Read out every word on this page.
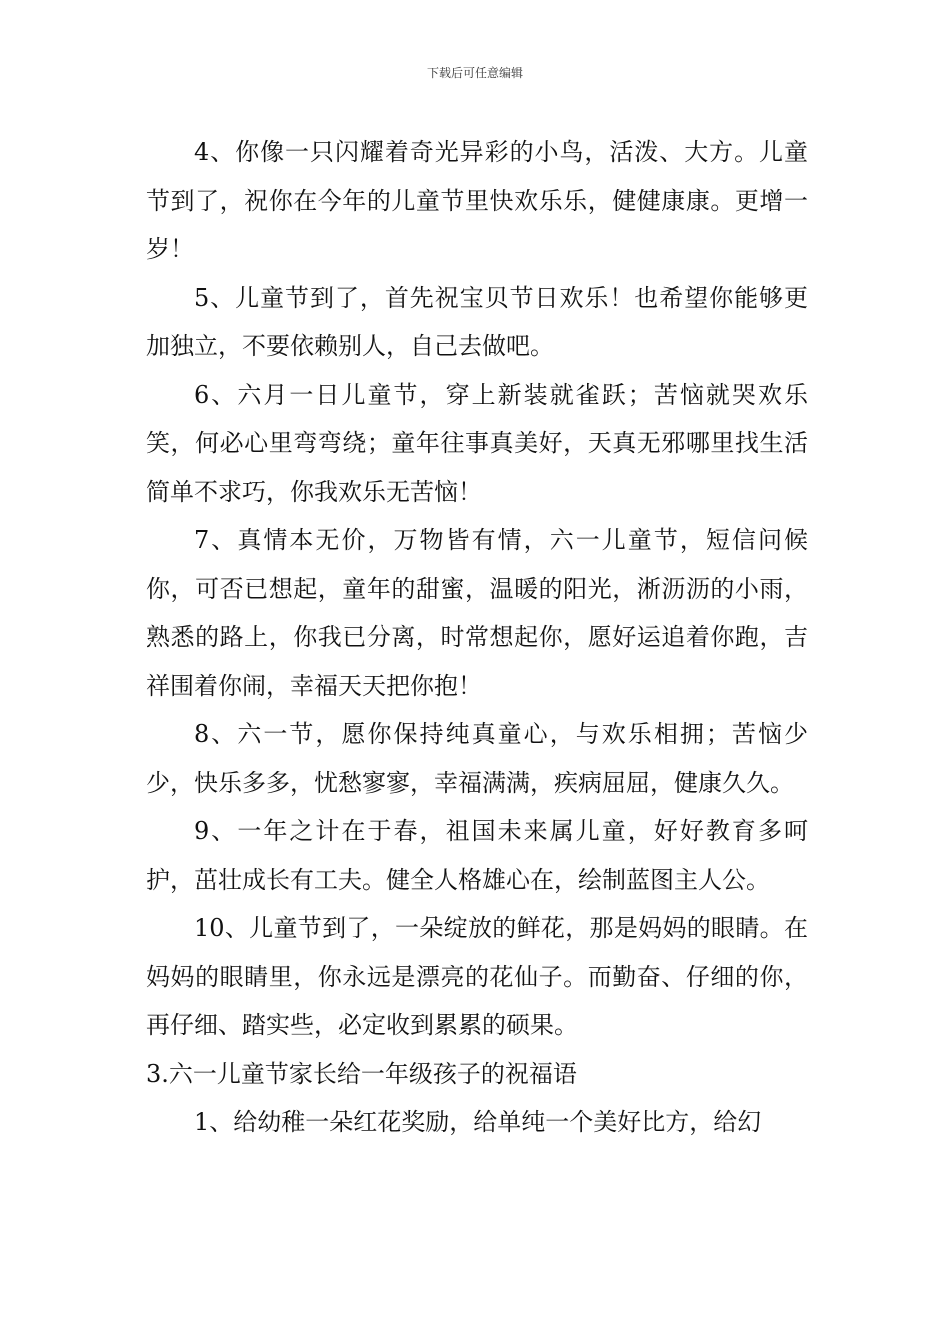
下载后可任意编辑

4、你像一只闪耀着奇光异彩的小鸟，活泼、大方。儿童节到了，祝你在今年的儿童节里快欢乐乐，健健康康。更增一岁！

5、儿童节到了，首先祝宝贝节日欢乐！也希望你能够更加独立，不要依赖别人，自己去做吧。

6、六月一日儿童节，穿上新装就雀跃；苦恼就哭欢乐笑，何必心里弯弯绕；童年往事真美好，天真无邪哪里找生活简单不求巧，你我欢乐无苦恼！

7、真情本无价，万物皆有情，六一儿童节，短信问候你，可否已想起，童年的甜蜜，温暖的阳光，淅沥沥的小雨，熟悉的路上，你我已分离，时常想起你，愿好运追着你跑，吉祥围着你闹，幸福天天把你抱！

8、六一节，愿你保持纯真童心，与欢乐相拥；苦恼少少，快乐多多，忧愁寥寥，幸福满满，疾病屈屈，健康久久。

9、一年之计在于春，祖国未来属儿童，好好教育多呵护，茁壮成长有工夫。健全人格雄心在，绘制蓝图主人公。

10、儿童节到了，一朵绽放的鲜花，那是妈妈的眼睛。在妈妈的眼睛里，你永远是漂亮的花仙子。而勤奋、仔细的你，再仔细、踏实些，必定收到累累的硕果。

3.六一儿童节家长给一年级孩子的祝福语

1、给幼稚一朵红花奖励，给单纯一个美好比方，给幻
